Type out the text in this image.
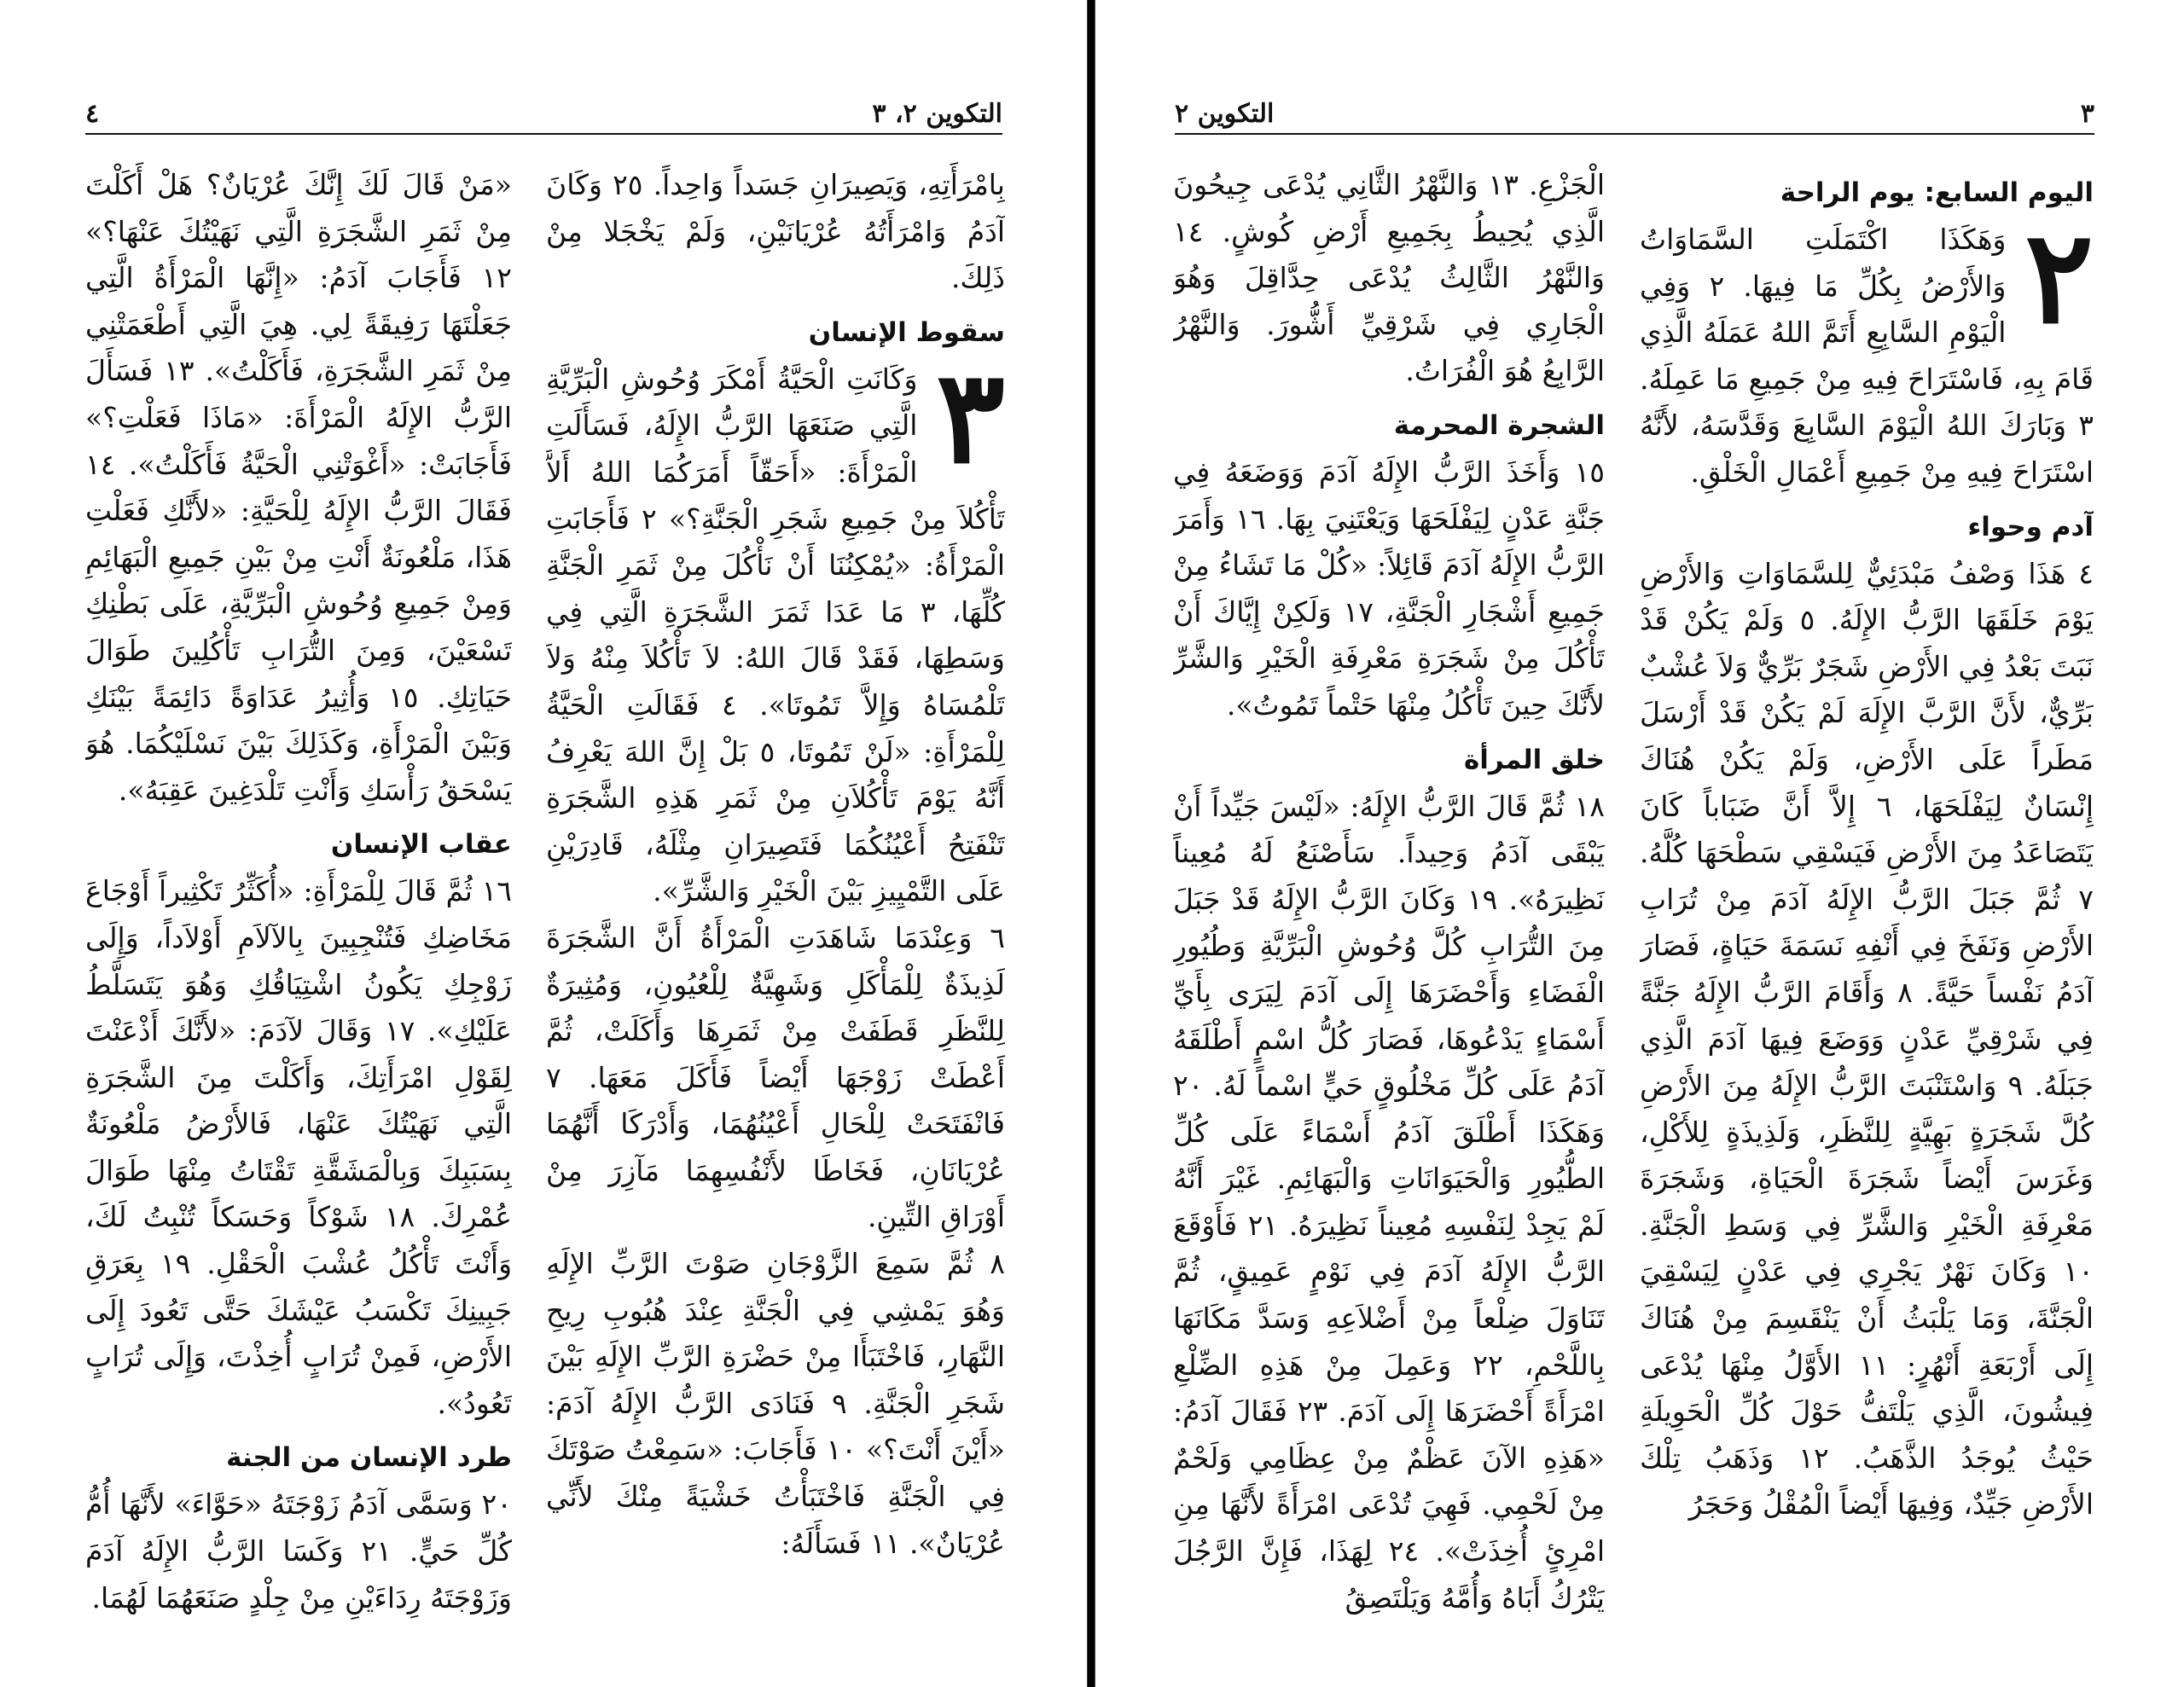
التكوين ٢، ٣
٤

بِامْرَأَتِهِ، وَيَصِيرَانِ جَسَداً وَاحِداً. ٢٥ وَكَانَ آدَمُ وَامْرَأَتُهُ عُرْيَانَيْنِ، وَلَمْ يَخْجَلا مِنْ ذَلِكَ.

سقوط الإنسان

٣
وَكَانَتِ الْحَيَّةُ أَمْكَرَ وُحُوشِ الْبَرِّيَّةِ الَّتِي صَنَعَهَا الرَّبُّ الإِلَهُ، فَسَأَلَتِ الْمَرْأَةَ: «أَحَقّاً أَمَرَكُمَا اللهُ أَلاَّ تَأْكُلاَ مِنْ جَمِيعِ شَجَرِ الْجَنَّةِ؟» ٢ فَأَجَابَتِ الْمَرْأَةُ: «يُمْكِنُنَا أَنْ نَأْكُلَ مِنْ ثَمَرِ الْجَنَّةِ كُلِّهَا، ٣ مَا عَدَا ثَمَرَ الشَّجَرَةِ الَّتِي فِي وَسَطِهَا، فَقَدْ قَالَ اللهُ: لاَ تَأْكُلاَ مِنْهُ وَلاَ تَلْمُسَاهُ وَإِلاَّ تَمُوتَا». ٤ فَقَالَتِ الْحَيَّةُ لِلْمَرْأَةِ: «لَنْ تَمُوتَا، ٥ بَلْ إِنَّ اللهَ يَعْرِفُ أَنَّهُ يَوْمَ تَأْكُلاَنِ مِنْ ثَمَرِ هَذِهِ الشَّجَرَةِ تَنْفَتِحُ أَعْيُنُكُمَا فَتَصِيرَانِ مِثْلَهُ، قَادِرَيْنِ عَلَى التَّمْيِيزِ بَيْنَ الْخَيْرِ وَالشَّرِّ».

٦ وَعِنْدَمَا شَاهَدَتِ الْمَرْأَةُ أَنَّ الشَّجَرَةَ لَذِيذَةٌ لِلْمَأْكَلِ وَشَهِيَّةٌ لِلْعُيُونِ، وَمُثِيرَةٌ لِلنَّظَرِ قَطَفَتْ مِنْ ثَمَرِهَا وَأَكَلَتْ، ثُمَّ أَعْطَتْ زَوْجَهَا أَيْضاً فَأَكَلَ مَعَهَا. ٧ فَانْفَتَحَتْ لِلْحَالِ أَعْيُنُهُمَا، وَأَدْرَكَا أَنَّهُمَا عُرْيَانَانِ، فَخَاطَا لأَنْفُسِهِمَا مَآزِرَ مِنْ أَوْرَاقِ التِّينِ.

٨ ثُمَّ سَمِعَ الزَّوْجَانِ صَوْتَ الرَّبِّ الإِلَهِ وَهُوَ يَمْشِي فِي الْجَنَّةِ عِنْدَ هُبُوبِ رِيحِ النَّهَارِ، فَاخْتَبَأَا مِنْ حَضْرَةِ الرَّبِّ الإِلَهِ بَيْنَ شَجَرِ الْجَنَّةِ. ٩ فَنَادَى الرَّبُّ الإِلَهُ آدَمَ: «أَيْنَ أَنْتَ؟» ١٠ فَأَجَابَ: «سَمِعْتُ صَوْتَكَ فِي الْجَنَّةِ فَاخْتَبَأْتُ خَشْيَةً مِنْكَ لأَنِّي عُرْيَانٌ». ١١ فَسَأَلَهُ:

«مَنْ قَالَ لَكَ إِنَّكَ عُرْيَانٌ؟ هَلْ أَكَلْتَ مِنْ ثَمَرِ الشَّجَرَةِ الَّتِي نَهَيْتُكَ عَنْهَا؟» ١٢ فَأَجَابَ آدَمُ: «إِنَّهَا الْمَرْأَةُ الَّتِي جَعَلْتَهَا رَفِيقَةً لِي. هِيَ الَّتِي أَطْعَمَتْنِي مِنْ ثَمَرِ الشَّجَرَةِ، فَأَكَلْتُ». ١٣ فَسَأَلَ الرَّبُّ الإِلَهُ الْمَرْأَةَ: «مَاذَا فَعَلْتِ؟» فَأَجَابَتْ: «أَغْوَتْنِي الْحَيَّةُ فَأَكَلْتُ». ١٤ فَقَالَ الرَّبُّ الإِلَهُ لِلْحَيَّةِ: «لأَنَّكِ فَعَلْتِ هَذَا، مَلْعُونَةٌ أَنْتِ مِنْ بَيْنِ جَمِيعِ الْبَهَائِمِ وَمِنْ جَمِيعِ وُحُوشِ الْبَرِّيَّةِ، عَلَى بَطْنِكِ تَسْعَيْنَ، وَمِنَ التُّرَابِ تَأْكُلِينَ طَوَالَ حَيَاتِكِ. ١٥ وَأُثِيرُ عَدَاوَةً دَائِمَةً بَيْنَكِ وَبَيْنَ الْمَرْأَةِ، وَكَذَلِكَ بَيْنَ نَسْلَيْكُمَا. هُوَ يَسْحَقُ رَأْسَكِ وَأَنْتِ تَلْدَغِينَ عَقِبَهُ».

عقاب الإنسان

١٦ ثُمَّ قَالَ لِلْمَرْأَةِ: «أُكَثِّرُ تَكْثِيراً أَوْجَاعَ مَخَاضِكِ فَتُنْجِبِينَ بِالآلاَمِ أَوْلاَداً، وَإِلَى زَوْجِكِ يَكُونُ اشْتِيَاقُكِ وَهُوَ يَتَسَلَّطُ عَلَيْكِ». ١٧ وَقَالَ لآدَمَ: «لأَنَّكَ أَذْعَنْتَ لِقَوْلِ امْرَأَتِكَ، وَأَكَلْتَ مِنَ الشَّجَرَةِ الَّتِي نَهَيْتُكَ عَنْهَا، فَالأَرْضُ مَلْعُونَةٌ بِسَبَبِكَ وَبِالْمَشَقَّةِ تَقْتَاتُ مِنْهَا طَوَالَ عُمْرِكَ. ١٨ شَوْكاً وَحَسَكاً تُنْبِتُ لَكَ، وَأَنْتَ تَأْكُلُ عُشْبَ الْحَقْلِ. ١٩ بِعَرَقِ جَبِينِكَ تَكْسَبُ عَيْشَكَ حَتَّى تَعُودَ إِلَى الأَرْضِ، فَمِنْ تُرَابٍ أُخِذْتَ، وَإِلَى تُرَابٍ تَعُودُ».

طرد الإنسان من الجنة

٢٠ وَسَمَّى آدَمُ زَوْجَتَهُ «حَوَّاءَ» لأَنَّهَا أُمُّ كُلِّ حَيٍّ. ٢١ وَكَسَا الرَّبُّ الإِلَهُ آدَمَ وَزَوْجَتَهُ رِدَاءَيْنِ مِنْ جِلْدٍ صَنَعَهُمَا لَهُمَا.

٣
التكوين ٢
اليوم السابع: يوم الراحة

٢
وَهَكَذَا اكْتَمَلَتِ السَّمَاوَاتُ وَالأَرْضُ بِكُلِّ مَا فِيهَا. ٢ وَفِي الْيَوْمِ السَّابِعِ أَتَمَّ اللهُ عَمَلَهُ الَّذِي قَامَ بِهِ، فَاسْتَرَاحَ فِيهِ مِنْ جَمِيعِ مَا عَمِلَهُ. ٣ وَبَارَكَ اللهُ الْيَوْمَ السَّابِعَ وَقَدَّسَهُ، لأَنَّهُ اسْتَرَاحَ فِيهِ مِنْ جَمِيعِ أَعْمَالِ الْخَلْقِ.

آدم وحواء

٤ هَذَا وَصْفُ مَبْدَئِيٌّ لِلسَّمَاوَاتِ وَالأَرْضِ يَوْمَ خَلَقَهَا الرَّبُّ الإِلَهُ. ٥ وَلَمْ يَكُنْ قَدْ نَبَتَ بَعْدُ فِي الأَرْضِ شَجَرٌ بَرِّيٌّ وَلاَ عُشْبٌ بَرِّيٌّ، لأَنَّ الرَّبَّ الإِلَهَ لَمْ يَكُنْ قَدْ أَرْسَلَ مَطَراً عَلَى الأَرْضِ، وَلَمْ يَكُنْ هُنَاكَ إِنْسَانٌ لِيَفْلَحَهَا، ٦ إِلاَّ أَنَّ ضَبَاباً كَانَ يَتَصَاعَدُ مِنَ الأَرْضِ فَيَسْقِي سَطْحَهَا كُلَّهُ. ٧ ثُمَّ جَبَلَ الرَّبُّ الإِلَهُ آدَمَ مِنْ تُرَابِ الأَرْضِ وَنَفَخَ فِي أَنْفِهِ نَسَمَةَ حَيَاةٍ، فَصَارَ آدَمُ نَفْساً حَيَّةً. ٨ وَأَقَامَ الرَّبُّ الإِلَهُ جَنَّةً فِي شَرْقِيِّ عَدْنٍ وَوَضَعَ فِيهَا آدَمَ الَّذِي جَبَلَهُ. ٩ وَاسْتَنْبَتَ الرَّبُّ الإِلَهُ مِنَ الأَرْضِ كُلَّ شَجَرَةٍ بَهِيَّةٍ لِلنَّظَرِ، وَلَذِيذَةٍ لِلأَكْلِ، وَغَرَسَ أَيْضاً شَجَرَةَ الْحَيَاةِ، وَشَجَرَةَ مَعْرِفَةِ الْخَيْرِ وَالشَّرِّ فِي وَسَطِ الْجَنَّةِ. ١٠ وَكَانَ نَهْرٌ يَجْرِي فِي عَدْنٍ لِيَسْقِيَ الْجَنَّةَ، وَمَا يَلْبَثُ أَنْ يَنْقَسِمَ مِنْ هُنَاكَ إِلَى أَرْبَعَةِ أَنْهُرٍ: ١١ الأَوَّلُ مِنْهَا يُدْعَى فِيشُونَ، الَّذِي يَلْتَفُّ حَوْلَ كُلِّ الْحَوِيلَةِ حَيْثُ يُوجَدُ الذَّهَبُ. ١٢ وَذَهَبُ تِلْكَ الأَرْضِ جَيِّدٌ، وَفِيهَا أَيْضاً الْمُقْلُ وَحَجَرُ

الْجَزْعِ. ١٣ وَالنَّهْرُ الثَّانِي يُدْعَى جِيحُونَ الَّذِي يُحِيطُ بِجَمِيعِ أَرْضِ كُوشٍ. ١٤ وَالنَّهْرُ الثَّالِثُ يُدْعَى حِدَّاقِلَ وَهُوَ الْجَارِي فِي شَرْقِيِّ أَشُّورَ. وَالنَّهْرُ الرَّابِعُ هُوَ الْفُرَاتُ.

الشجرة المحرمة

١٥ وَأَخَذَ الرَّبُّ الإِلَهُ آدَمَ وَوَضَعَهُ فِي جَنَّةِ عَدْنٍ لِيَفْلَحَهَا وَيَعْتَنِيَ بِهَا. ١٦ وَأَمَرَ الرَّبُّ الإِلَهُ آدَمَ قَائِلاً: «كُلْ مَا تَشَاءُ مِنْ جَمِيعِ أَشْجَارِ الْجَنَّةِ، ١٧ وَلَكِنْ إِيَّاكَ أَنْ تَأْكُلَ مِنْ شَجَرَةِ مَعْرِفَةِ الْخَيْرِ وَالشَّرِّ لأَنَّكَ حِينَ تَأْكُلُ مِنْهَا حَتْماً تَمُوتُ».

خلق المرأة

١٨ ثُمَّ قَالَ الرَّبُّ الإِلَهُ: «لَيْسَ جَيِّداً أَنْ يَبْقَى آدَمُ وَحِيداً. سَأَصْنَعُ لَهُ مُعِيناً نَظِيرَهُ». ١٩ وَكَانَ الرَّبُّ الإِلَهُ قَدْ جَبَلَ مِنَ التُّرَابِ كُلَّ وُحُوشِ الْبَرِّيَّةِ وَطُيُورِ الْفَضَاءِ وَأَحْضَرَهَا إِلَى آدَمَ لِيَرَى بِأَيِّ أَسْمَاءٍ يَدْعُوهَا، فَصَارَ كُلُّ اسْمٍ أَطْلَقَهُ آدَمُ عَلَى كُلِّ مَخْلُوقٍ حَيٍّ اسْماً لَهُ. ٢٠ وَهَكَذَا أَطْلَقَ آدَمُ أَسْمَاءً عَلَى كُلِّ الطُّيُورِ وَالْحَيَوَانَاتِ وَالْبَهَائِمِ. غَيْرَ أَنَّهُ لَمْ يَجِدْ لِنَفْسِهِ مُعِيناً نَظِيرَهُ. ٢١ فَأَوْقَعَ الرَّبُّ الإِلَهُ آدَمَ فِي نَوْمٍ عَمِيقٍ، ثُمَّ تَنَاوَلَ ضِلْعاً مِنْ أَضْلاَعِهِ وَسَدَّ مَكَانَهَا بِاللَّحْمِ، ٢٢ وَعَمِلَ مِنْ هَذِهِ الضِّلْعِ امْرَأَةً أَحْضَرَهَا إِلَى آدَمَ. ٢٣ فَقَالَ آدَمُ: «هَذِهِ الآنَ عَظْمٌ مِنْ عِظَامِي وَلَحْمٌ مِنْ لَحْمِي. فَهِيَ تُدْعَى امْرَأَةً لأَنَّهَا مِنِ امْرِئٍ أُخِذَتْ». ٢٤ لِهَذَا، فَإِنَّ الرَّجُلَ يَتْرُكُ أَبَاهُ وَأُمَّهُ وَيَلْتَصِقُ
